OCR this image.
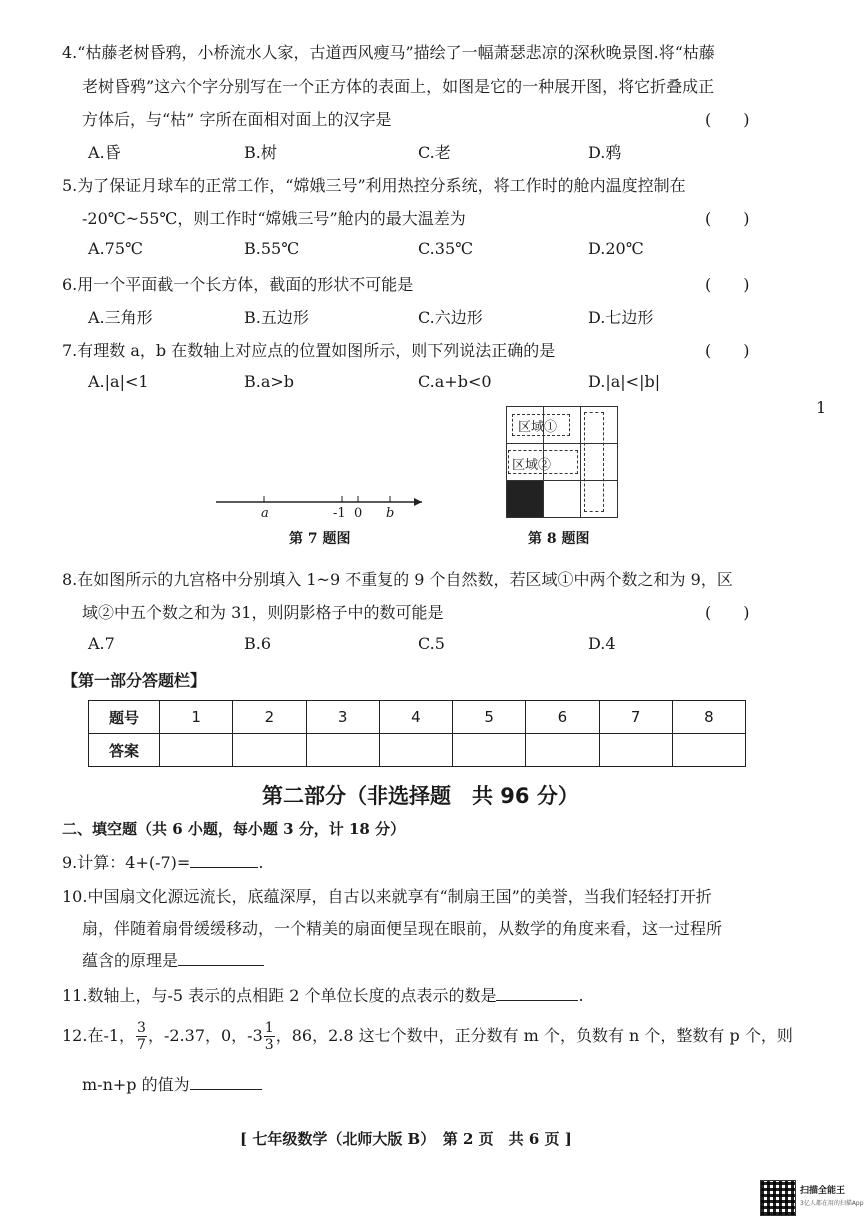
4.“枯藤老树昏鸦，小桥流水人家，古道西风瘦马”描绘了一幅萧瑟悲凉的深秋晚景图.将“枯藤
老树昏鸦”这六个字分别写在一个正方体的表面上，如图是它的一种展开图，将它折叠成正
方体后，与“枯” 字所在面相对面上的汉字是	(　　)
A.昏	B.树	C.老	D.鸦
5.为了保证月球车的正常工作，“嫦娥三号”利用热控分系统，将工作时的舱内温度控制在
-20℃~55℃，则工作时“嫦娥三号”舱内的最大温差为	(　　)
A.75℃	B.55℃	C.35℃	D.20℃
6.用一个平面截一个长方体，截面的形状不可能是	(　　)
A.三角形	B.五边形	C.六边形	D.七边形
7.有理数 a，b 在数轴上对应点的位置如图所示，则下列说法正确的是	(　　)
A.|a|<1	B.a>b	C.a+b<0	D.|a|<|b|
1
a	-1 0 b
第 7 题图
区域①
区域②
第 8 题图
8.在如图所示的九宫格中分别填入 1~9 不重复的 9 个自然数，若区域①中两个数之和为 9，区
域②中五个数之和为 31，则阴影格子中的数可能是	(　　)
A.7	B.6	C.5	D.4
【第一部分答题栏】
题号	1	2	3	4	5	6	7	8
答案								
第二部分（非选择题　共 96 分）
二、填空题（共 6 小题，每小题 3 分，计 18 分）
9.计算：4+(-7)=	.
10.中国扇文化源远流长，底蕴深厚，自古以来就享有“制扇王国”的美誉，当我们轻轻打开折
扇，伴随着扇骨缓缓移动，一个精美的扇面便呈现在眼前，从数学的角度来看，这一过程所
蕴含的原理是
11.数轴上，与-5 表示的点相距 2 个单位长度的点表示的数是	.
12.在-1， $\frac{3}{7}$ ，-2.37，0，$-3 \frac{1}{3}$ ，86，2.8 这七个数中，正分数有 m 个，负数有 n 个，整数有 p 个，则
m-n+p 的值为
[ 七年级数学（北师大版 B）　第 2 页　共 6 页 ]
扫描全能王
3亿人都在用的扫描App
